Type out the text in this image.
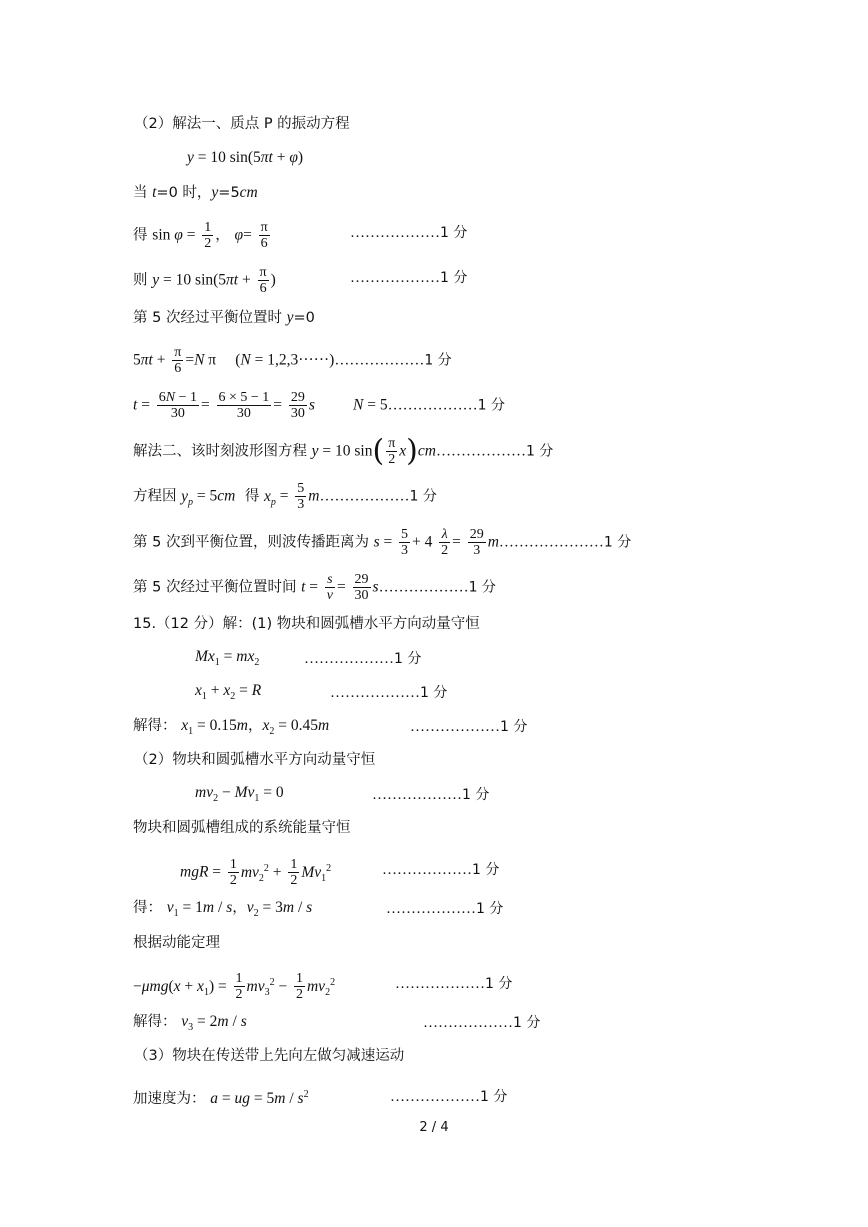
（2）解法一、质点 P 的振动方程
y = 10 sin(5πt + φ)
当 t=0 时，y=5cm
得 $\sin \varphi = \frac{1}{2}$ ， $\varphi= \frac{\pi}{6}$	………………1 分
则 y = 10 $\sin(5\pi t + \frac{\pi}{6}$ )	………………1 分
第 5 次经过平衡位置时 y=0
$5\pi t + \frac{\pi}{6} =N$ π (N = 1,2,3······)………………1 分
$t = \frac{6N - 1}{30} = \frac{6 \times 5 - 1}{30} = \frac{29}{30}$ s N = 5………………1 分
解法二、该时刻波形图方程 y = 10 $\sin( \frac{\pi}{2}$ x)cm………………1 分
方程因 $y_p = 5cm$ 得 $x_p = \frac{5}{3}$ m………………1 分
第 5 次到平衡位置，则波传播距离为 $s = \frac{5}{3} + 4 \frac{\lambda}{2} = \frac{29}{3}$ m…………………1 分
第 5 次经过平衡位置时间 $t = \frac{s}{v} = \frac{29}{30}$ s………………1 分
15.（12 分）解：(1) 物块和圆弧槽水平方向动量守恒
$Mx_1 = mx_2$	………………1 分
$x_1 + x_2 = R$	………………1 分
解得： $x_1 = 0.15m$，$x_2 = 0.45m$	………………1 分
（2）物块和圆弧槽水平方向动量守恒
$mv_2 - Mv_1 = 0$	………………1 分
物块和圆弧槽组成的系统能量守恒
mgR = $\frac{1}{2} mv_2^2 + \frac{1}{2} Mv_1^2$	………………1 分
得： $v_1 = 1m / s$，$v_2 = 3m / s$	………………1 分
根据动能定理
$-\mu mg(x + x_1) = \frac{1}{2} mv_3^2 - \frac{1}{2} mv_2^2$	………………1 分
解得： $v_3 = 2m / s$	………………1 分
（3）物块在传送带上先向左做匀减速运动
加速度为： a = ug = $5m / s^2$	………………1 分
2 / 4
